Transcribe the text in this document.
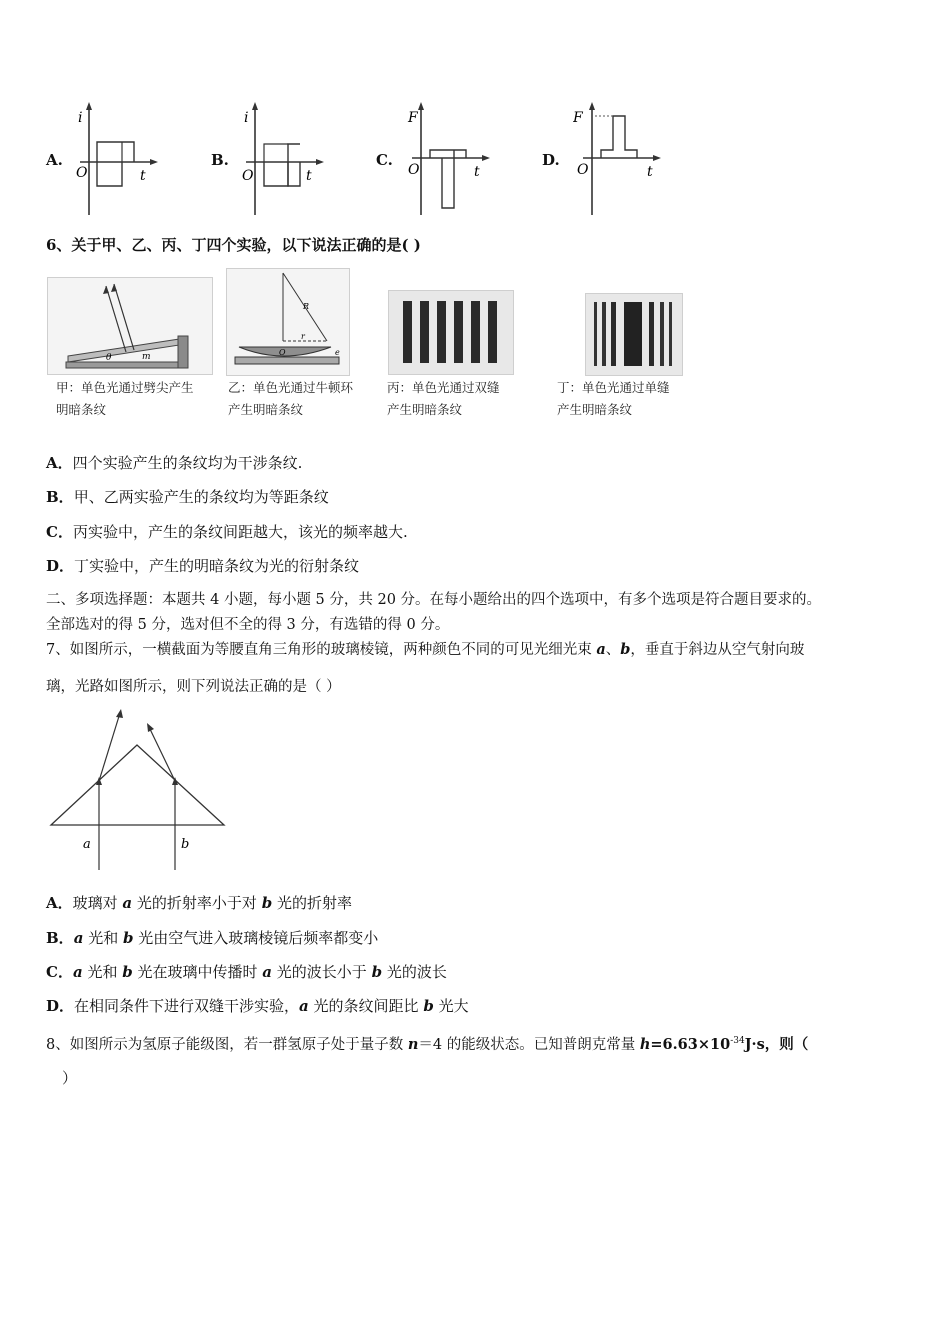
A.
i
O	t
B.
i
O	t
C.
F
O	t
D.
F
O	t
6、关于甲、乙、丙、丁四个实验，以下说法正确的是( )
θ	m
甲：单色光通过劈尖产生
明暗条纹
R
r
O	e
乙：单色光通过牛顿环
产生明暗条纹
丙：单色光通过双缝
产生明暗条纹
丁：单色光通过单缝
产生明暗条纹
A．四个实验产生的条纹均为干涉条纹.
B．甲、乙两实验产生的条纹均为等距条纹
C．丙实验中，产生的条纹间距越大，该光的频率越大.
D．丁实验中，产生的明暗条纹为光的衍射条纹
二、多项选择题：本题共 4 小题，每小题 5 分，共 20 分。在每小题给出的四个选项中，有多个选项是符合题目要求的。
全部选对的得 5 分，选对但不全的得 3 分，有选错的得 0 分。
7、如图所示，一横截面为等腰直角三角形的玻璃棱镜，两种颜色不同的可见光细光束 a、b，垂直于斜边从空气射向玻
璃，光路如图所示，则下列说法正确的是（ ）
a	b
A．玻璃对 a 光的折射率小于对 b 光的折射率
B．a 光和 b 光由空气进入玻璃棱镜后频率都变小
C．a 光和 b 光在玻璃中传播时 a 光的波长小于 b 光的波长
D．在相同条件下进行双缝干涉实验，a 光的条纹间距比 b 光大
8、如图所示为氢原子能级图，若一群氢原子处于量子数 n＝4 的能级状态。已知普朗克常量 $h=6.63\times 10^{-34}J\cdot s$，则（
）
